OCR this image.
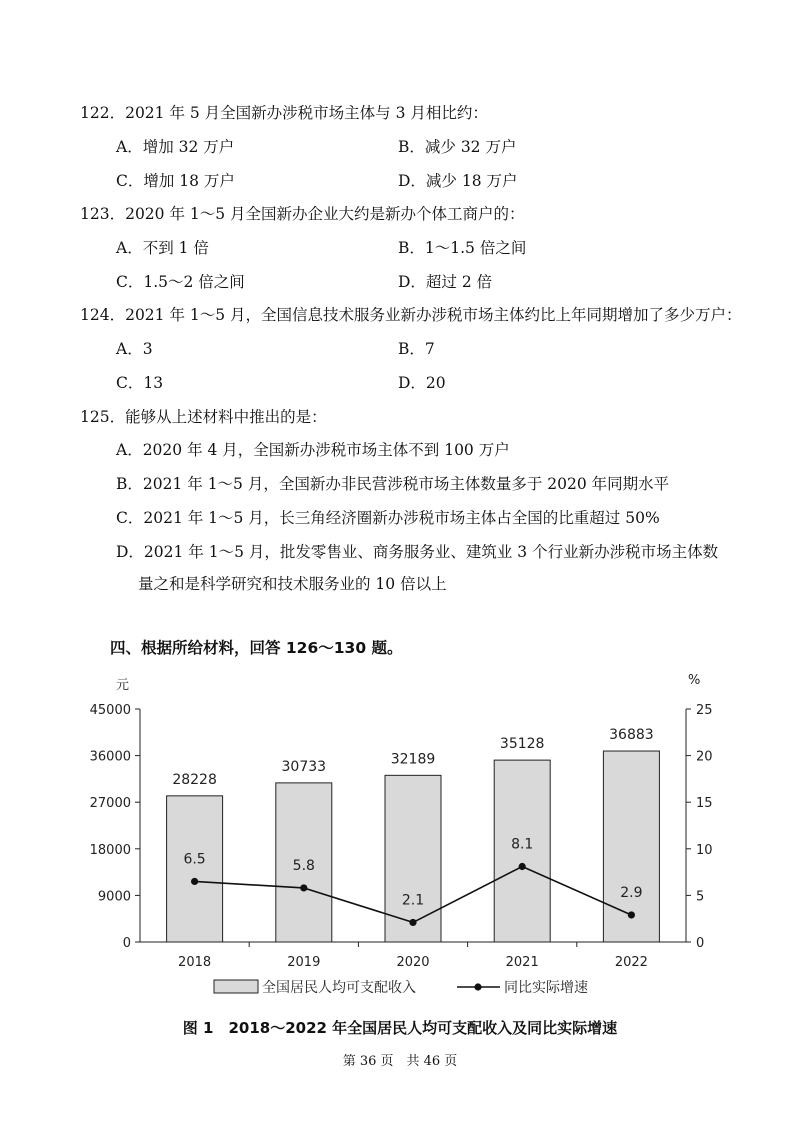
122．2021 年 5 月全国新办涉税市场主体与 3 月相比约：
A．增加 32 万户	B．减少 32 万户
C．增加 18 万户	D．减少 18 万户
123．2020 年 1～5 月全国新办企业大约是新办个体工商户的：
A．不到 1 倍	B．1～1.5 倍之间
C．1.5～2 倍之间	D．超过 2 倍
124．2021 年 1～5 月，全国信息技术服务业新办涉税市场主体约比上年同期增加了多少万户：
A．3	B．7
C．13	D．20
125．能够从上述材料中推出的是：
A．2020 年 4 月，全国新办涉税市场主体不到 100 万户
B．2021 年 1～5 月，全国新办非民营涉税市场主体数量多于 2020 年同期水平
C．2021 年 1～5 月，长三角经济圈新办涉税市场主体占全国的比重超过 50%
D．2021 年 1～5 月，批发零售业、商务服务业、建筑业 3 个行业新办涉税市场主体数
量之和是科学研究和技术服务业的 10 倍以上
四、根据所给材料，回答 126～130 题。
0
9000
18000
27000
36000
45000
元
0
5
10
15
20
25
%
2018	2019	2020	2021	2022
28228
30733	32189
35128
36883
6.5	5.8
2.1
8.1
2.9
全国居民人均可支配收入	同比实际增速
图 1　2018～2022 年全国居民人均可支配收入及同比实际增速
第 36 页　共 46 页
